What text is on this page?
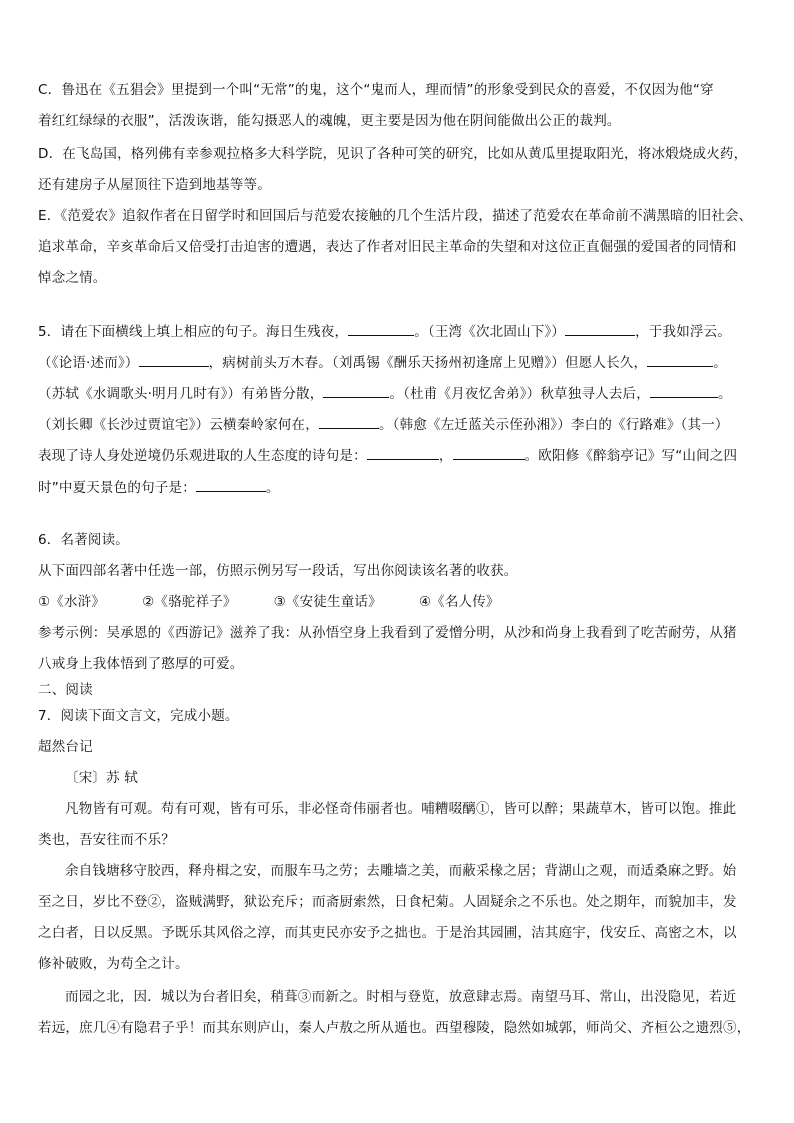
C．鲁迅在《五猖会》里提到一个叫“无常”的鬼，这个“鬼而人，理而情”的形象受到民众的喜爱，不仅因为他“穿
着红红绿绿的衣服”，活泼诙谐，能勾摄恶人的魂魄，更主要是因为他在阴间能做出公正的裁判。
D．在飞岛国，格列佛有幸参观拉格多大科学院，见识了各种可笑的研究，比如从黄瓜里提取阳光，将冰煅烧成火药，
还有建房子从屋顶往下造到地基等等。
E．《范爱农》追叙作者在日留学时和回国后与范爱农接触的几个生活片段，描述了范爱农在革命前不满黑暗的旧社会、
追求革命，辛亥革命后又倍受打击迫害的遭遇，表达了作者对旧民主革命的失望和对这位正直倔强的爱国者的同情和
悼念之情。
5．请在下面横线上填上相应的句子。海日生残夜，	。（王湾《次北固山下》）	，于我如浮云。
（《论语·述而》）	，病树前头万木春。（刘禹锡《酬乐天扬州初逢席上见赠》）但愿人长久，	。
（苏轼《水调歌头·明月几时有》）有弟皆分散，	。（杜甫《月夜忆舍弟》）秋草独寻人去后，	。
（刘长卿《长沙过贾谊宅》）云横秦岭家何在，	。（韩愈《左迁蓝关示侄孙湘》）李白的《行路难》（其一）
表现了诗人身处逆境仍乐观进取的人生态度的诗句是：	，	。欧阳修《醉翁亭记》写“山间之四
时”中夏天景色的句子是：	。
6．名著阅读。
从下面四部名著中任选一部，仿照示例另写一段话，写出你阅读该名著的收获。
①《水浒》	②《骆驼祥子》	③《安徒生童话》	④《名人传》
参考示例：吴承恩的《西游记》滋养了我：从孙悟空身上我看到了爱憎分明，从沙和尚身上我看到了吃苦耐劳，从猪
八戒身上我体悟到了憨厚的可爱。
二、阅读
7．阅读下面文言文，完成小题。
超然台记
〔宋〕苏 轼
凡物皆有可观。苟有可观，皆有可乐，非必怪奇伟丽者也。哺糟啜醨①，皆可以醉；果蔬草木，皆可以饱。推此
类也，吾安往而不乐？
余自钱塘移守胶西，释舟楫之安，而服车马之劳；去雕墙之美，而蔽采椽之居；背湖山之观，而适桑麻之野。始
至之日，岁比不登②，盗贼满野，狱讼充斥；而斋厨索然，日食杞菊。人固疑余之不乐也。处之期年，而貌加丰，发
之白者，日以反黑。予既乐其风俗之淳，而其吏民亦安予之拙也。于是治其园圃，洁其庭宇，伐安丘、高密之木，以
修补破败，为苟全之计。
而园之北，因．城以为台者旧矣，稍葺③而新之。时相与登览，放意肆志焉。南望马耳、常山，出没隐见，若近
若远，庶几④有隐君子乎！而其东则庐山，秦人卢敖之所从遁也。西望穆陵，隐然如城郭，师尚父、齐桓公之遗烈⑤，
